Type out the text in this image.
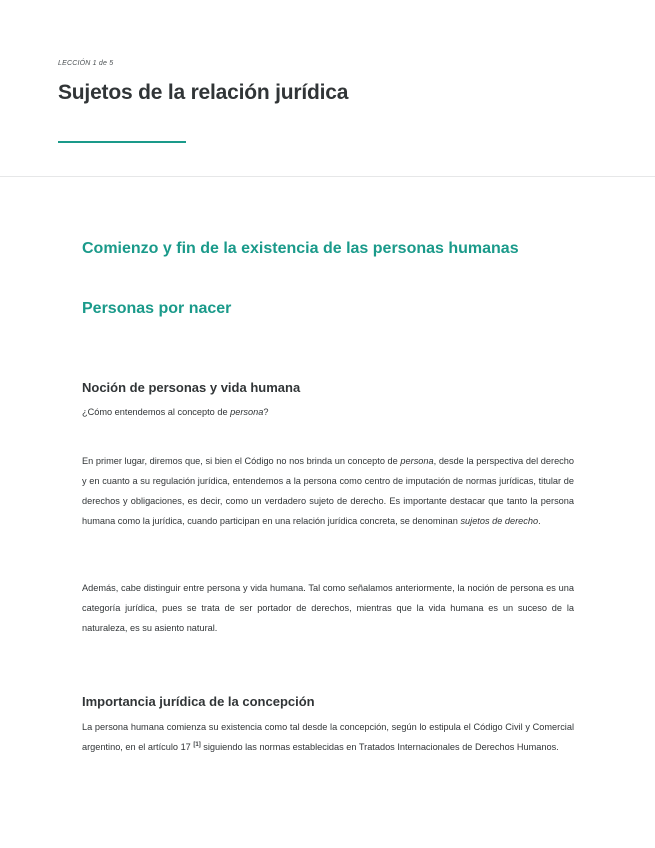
LECCIÓN 1 de 5
Sujetos de la relación jurídica
Comienzo y fin de la existencia de las personas humanas
Personas por nacer
Noción de personas y vida humana

¿Cómo entendemos al concepto de persona?

En primer lugar, diremos que, si bien el Código no nos brinda un concepto de persona, desde la perspectiva del derecho y en cuanto a su regulación jurídica, entendemos a la persona como centro de imputación de normas jurídicas, titular de derechos y obligaciones, es decir, como un verdadero sujeto de derecho. Es importante destacar que tanto la persona humana como la jurídica, cuando participan en una relación jurídica concreta, se denominan sujetos de derecho.

Además, cabe distinguir entre persona y vida humana. Tal como señalamos anteriormente, la noción de persona es una categoría jurídica, pues se trata de ser portador de derechos, mientras que la vida humana es un suceso de la naturaleza, es su asiento natural.

Importancia jurídica de la concepción

La persona humana comienza su existencia como tal desde la concepción, según lo estipula el Código Civil y Comercial argentino, en el artículo 17 [1] siguiendo las normas establecidas en Tratados Internacionales de Derechos Humanos.
